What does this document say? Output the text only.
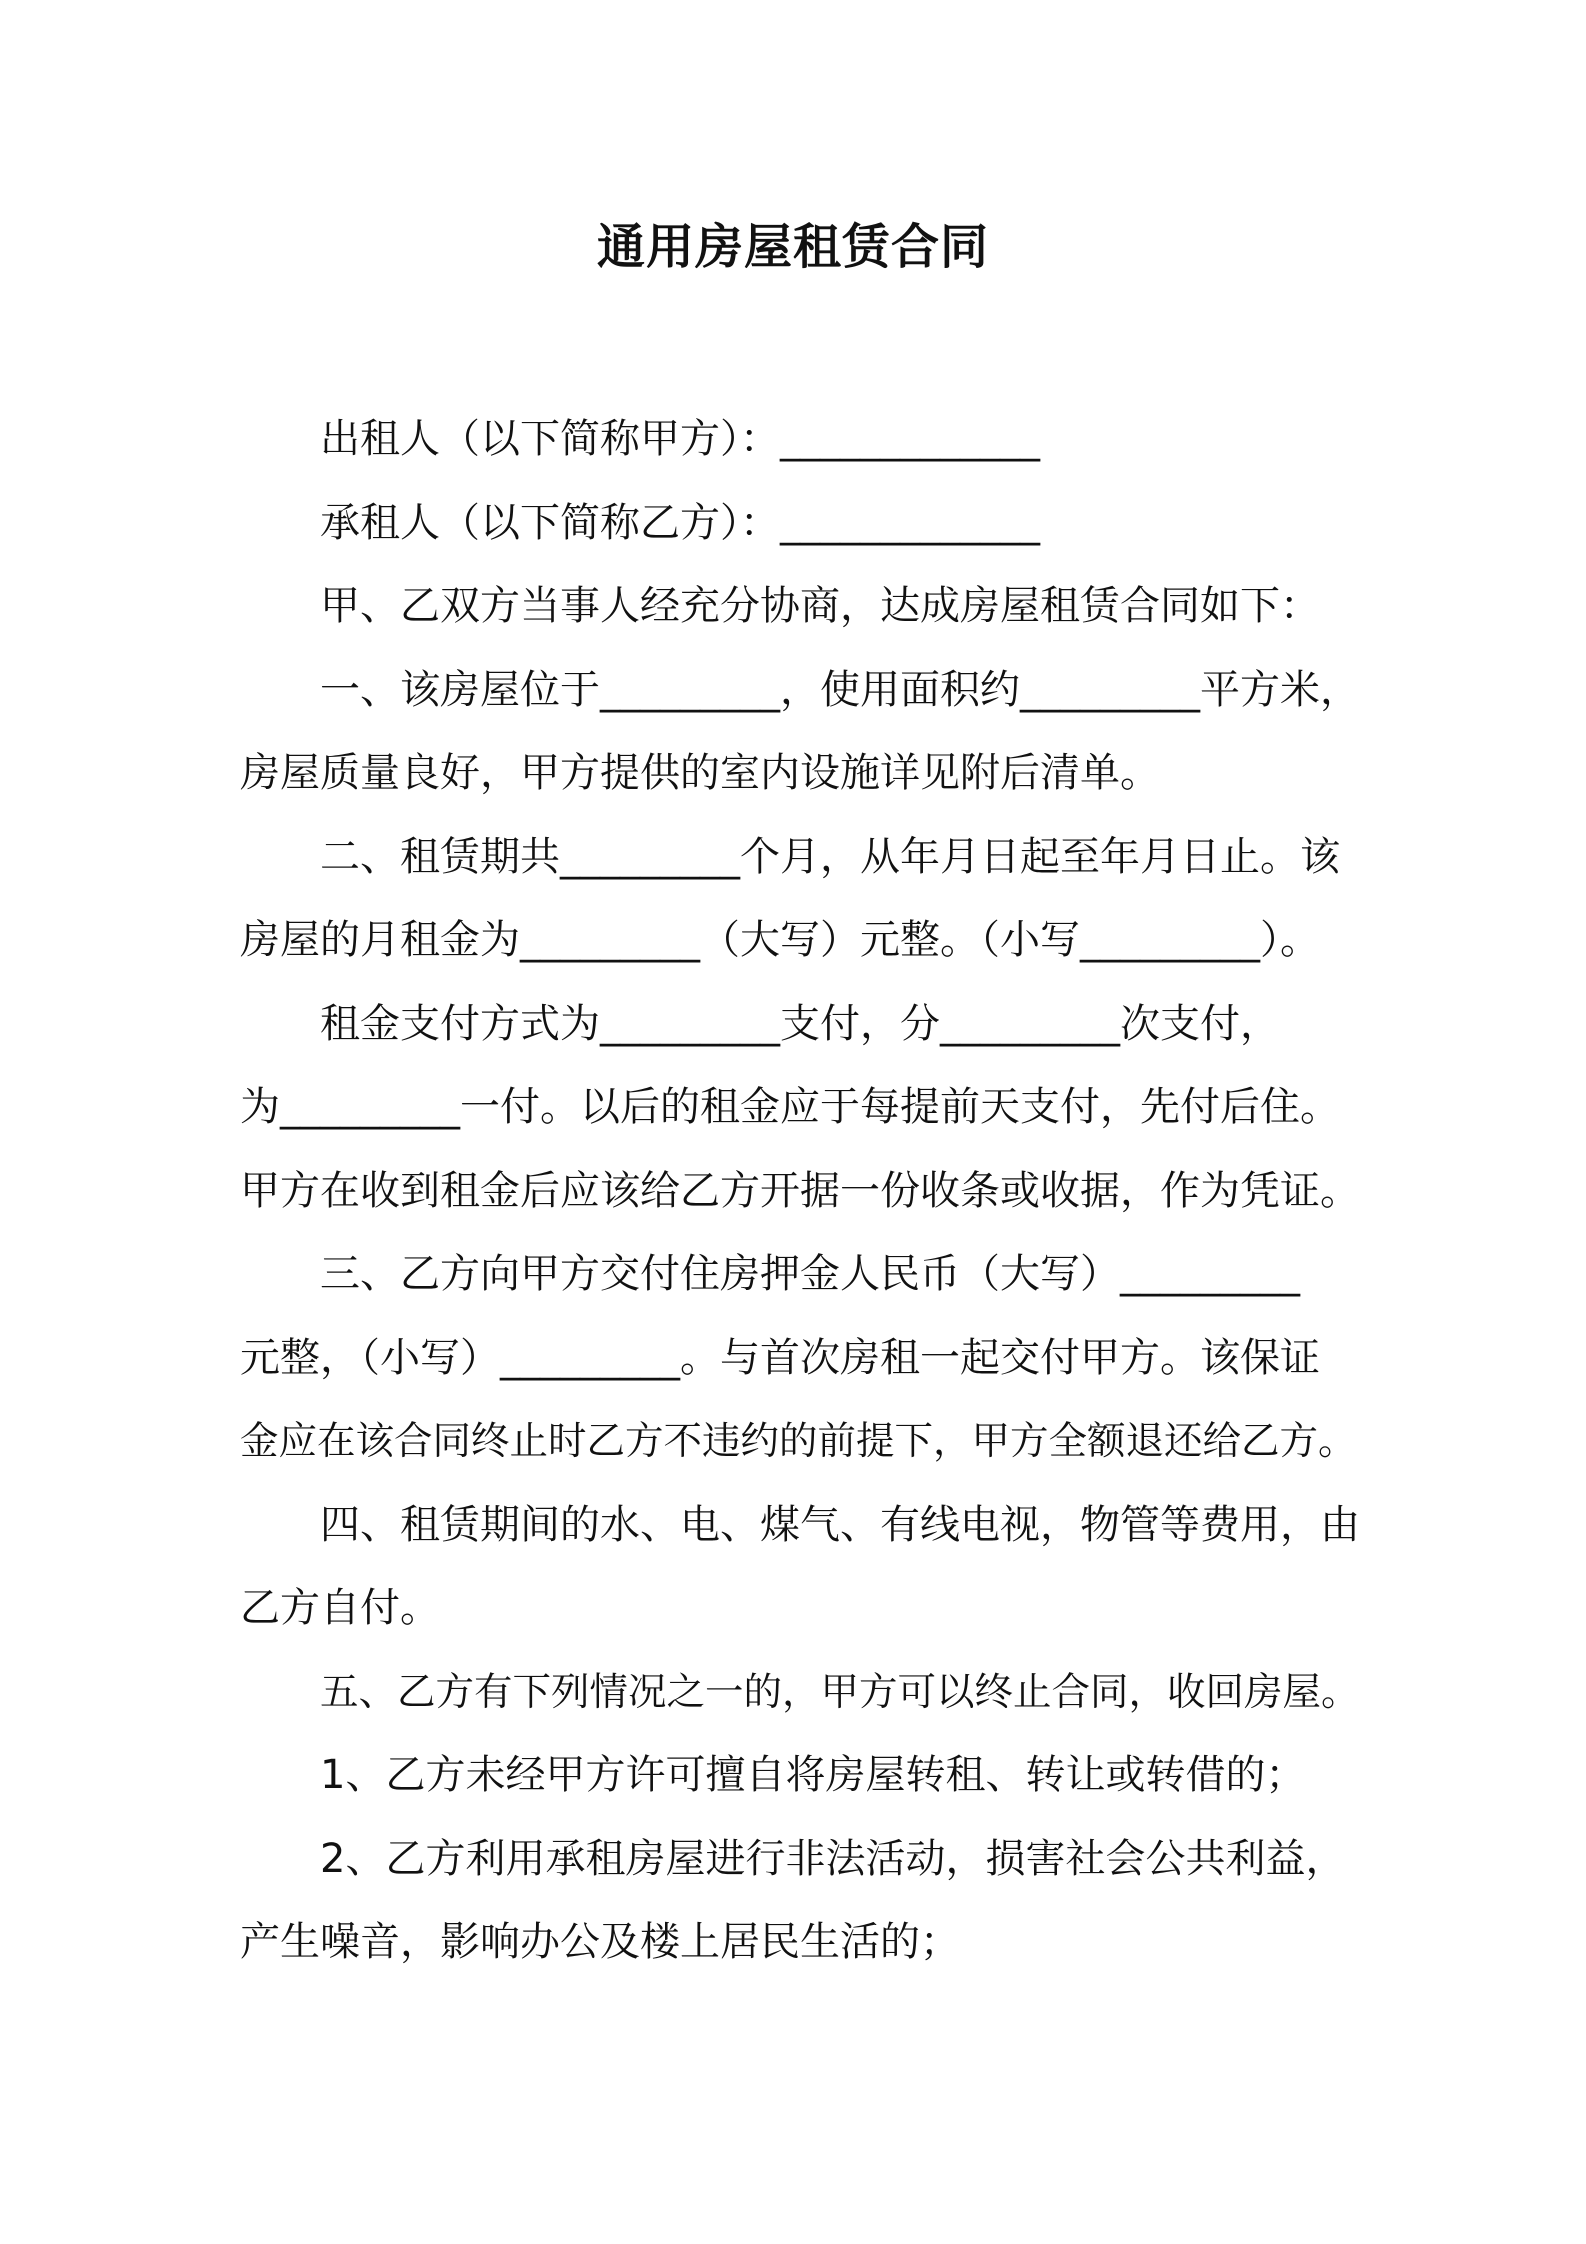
通用房屋租赁合同
出租人（以下简称甲方）：_____________
承租人（以下简称乙方）：_____________
甲、乙双方当事人经充分协商，达成房屋租赁合同如下：
一、该房屋位于_________，使用面积约_________平方米，
房屋质量良好，甲方提供的室内设施详见附后清单。
二、租赁期共_________个月，从年月日起至年月日止。该
房屋的月租金为_________（大写）元整。（小写_________）。
租金支付方式为_________支付，分_________次支付，
为_________一付。以后的租金应于每提前天支付，先付后住。
甲方在收到租金后应该给乙方开据一份收条或收据，作为凭证。
三、乙方向甲方交付住房押金人民币（大写）_________
元整，（小写）_________。与首次房租一起交付甲方。该保证
金应在该合同终止时乙方不违约的前提下，甲方全额退还给乙方。
四、租赁期间的水、电、煤气、有线电视，物管等费用，由
乙方自付。
五、乙方有下列情况之一的，甲方可以终止合同，收回房屋。
1、乙方未经甲方许可擅自将房屋转租、转让或转借的；
2、乙方利用承租房屋进行非法活动，损害社会公共利益，
产生噪音，影响办公及楼上居民生活的；
